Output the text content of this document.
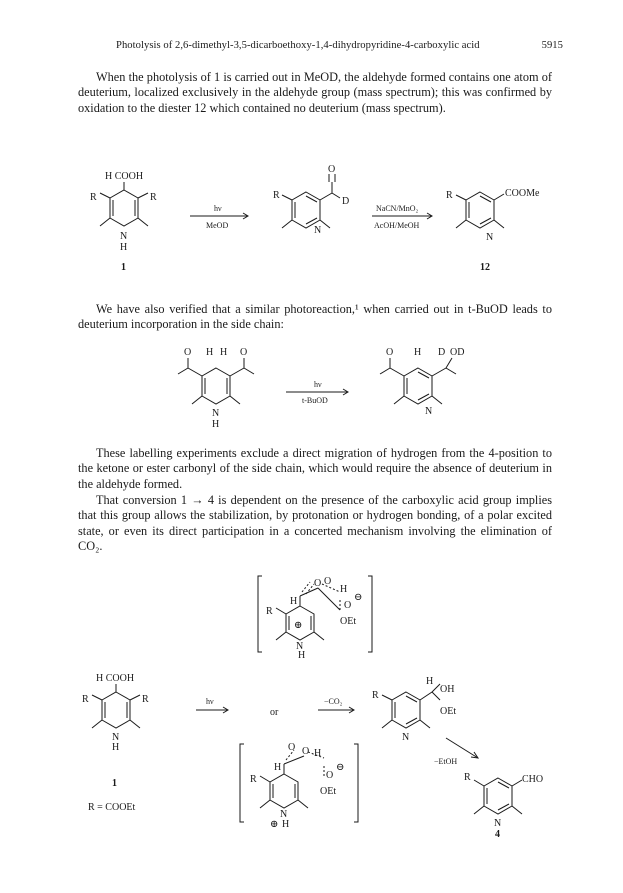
Photolysis of 2,6-dimethyl-3,5-dicarboethoxy-1,4-dihydropyridine-4-carboxylic acid	5915

When the photolysis of 1 is carried out in MeOD, the aldehyde formed contains one atom of deuterium, localized exclusively in the aldehyde group (mass spectrum); this was confirmed by oxidation to the diester 12 which contained no deuterium (mass spectrum).

H COOH
R	R
N
H
1
hν
MeOD
O
D
R
N
NaCN/MnO₂
AcOH/MeOH
R	COOMe
N
12

We have also verified that a similar photoreaction,¹ when carried out in t-BuOD leads to deuterium incorporation in the side chain:

O H H O
N
H
hν
t-BuOD
O H D OD
N

These labelling experiments exclude a direct migration of hydrogen from the 4-position to the ketone or ester carbonyl of the side chain, which would require the absence of deuterium in the aldehyde formed.

That conversion 1 → 4 is dependent on the presence of the carboxylic acid group implies that this group allows the stabilization, by protonation or hydrogen bonding, of a polar excited state, or even its direct participation in a concerted mechanism involving the elimination of CO₂.

O O
H
H	O
⊖
OEt
R
⊕
N
H
H COOH
R	R
N
H
1
R = COOEt
hν
or
−CO₂
H
OH
OEt
R
N
O O H
H
O
⊖
OEt
R
N
H
⊕
−EtOH
R	CHO
N
4
